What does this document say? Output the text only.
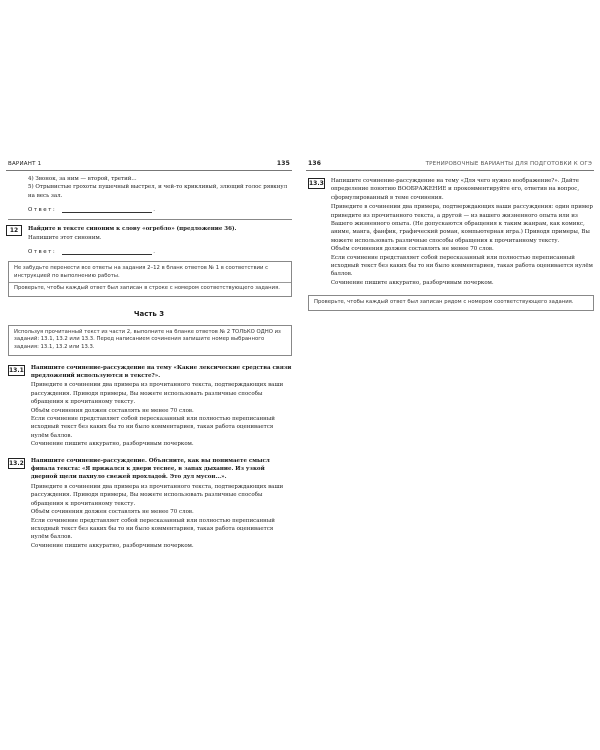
ВАРИАНТ 1	135

4) Звонок, за ним — второй, третий...

5) Отрывистые грохоты пушечный выстрел, и чей-то крикливый, злющий голос рявкнул на весь зал.

Ответ:	.
12	Найдите в тексте синоним к слову «огребло» (предложение 36).

Напишите этот синоним.

Ответ:	.

Не забудьте перенести все ответы на задания 2–12 в бланк ответов № 1 в соответствии с инструкцией по выполнению работы.

Проверьте, чтобы каждый ответ был записан в строке с номером соответствующего задания.

Часть 3
Используя прочитанный текст из части 2, выполните на бланке ответов № 2 ТОЛЬКО ОДНО из заданий: 13.1, 13.2 или 13.3. Перед написанием сочинения запишите номер выбранного задания: 13.1, 13.2 или 13.3.
13.1 Напишите сочинение-рассуждение на тему «Какие лексические средства связи предложений используются в тексте?».

Приведите в сочинении два примера из прочитанного текста, подтверждающих ваши рассуждения. Приводя примеры, Вы можете использовать различные способы обращения к прочитанному тексту.

Объём сочинения должен составлять не менее 70 слов.

Если сочинение представляет собой пересказанный или полностью переписанный исходный текст без каких бы то ни было комментариев, такая работа оценивается нулём баллов.

Сочинение пишите аккуратно, разборчивым почерком.

13.2 Напишите сочинение-рассуждение. Объясните, как вы понимаете смысл финала текста: «Я прижался к двери теснее, в запах дыхание. Из узкой дверной щели пахнуло свежей прохладой. Это дул мусон...».

Приведите в сочинении два примера из прочитанного текста, подтверждающих ваши рассуждения. Приводя примеры, Вы можете использовать различные способы обращения к прочитанному тексту.

Объём сочинения должен составлять не менее 70 слов.

Если сочинение представляет собой пересказанный или полностью переписанный исходный текст без каких бы то ни было комментариев, такая работа оценивается нулём баллов.

Сочинение пишите аккуратно, разборчивым почерком.

136	ТРЕНИРОВОЧНЫЕ ВАРИАНТЫ ДЛЯ ПОДГОТОВКИ К ОГЭ
13.3 Напишите сочинение-рассуждение на тему «Для чего нужно воображение?». Дайте определение понятию ВООБРАЖЕНИЕ и прокомментируйте его, ответив на вопрос, сформулированный в теме сочинения.

Приведите в сочинении два примера, подтверждающих ваши рассуждения: один пример приведите из прочитанного текста, а другой — из вашего жизненного опыта или из Вашего жизненного опыта. (Не допускаются обращения к таким жанрам, как комикс, аниме, манга, фанфик, графический роман, компьютерная игра.) Приводя примеры, Вы можете использовать различные способы обращения к прочитанному тексту.

Объём сочинения должен составлять не менее 70 слов.

Если сочинение представляет собой пересказанный или полностью переписанный исходный текст без каких бы то ни было комментариев, такая работа оценивается нулём баллов.

Сочинение пишите аккуратно, разборчивым почерком.

Проверьте, чтобы каждый ответ был записан рядом с номером соответствующего задания.
